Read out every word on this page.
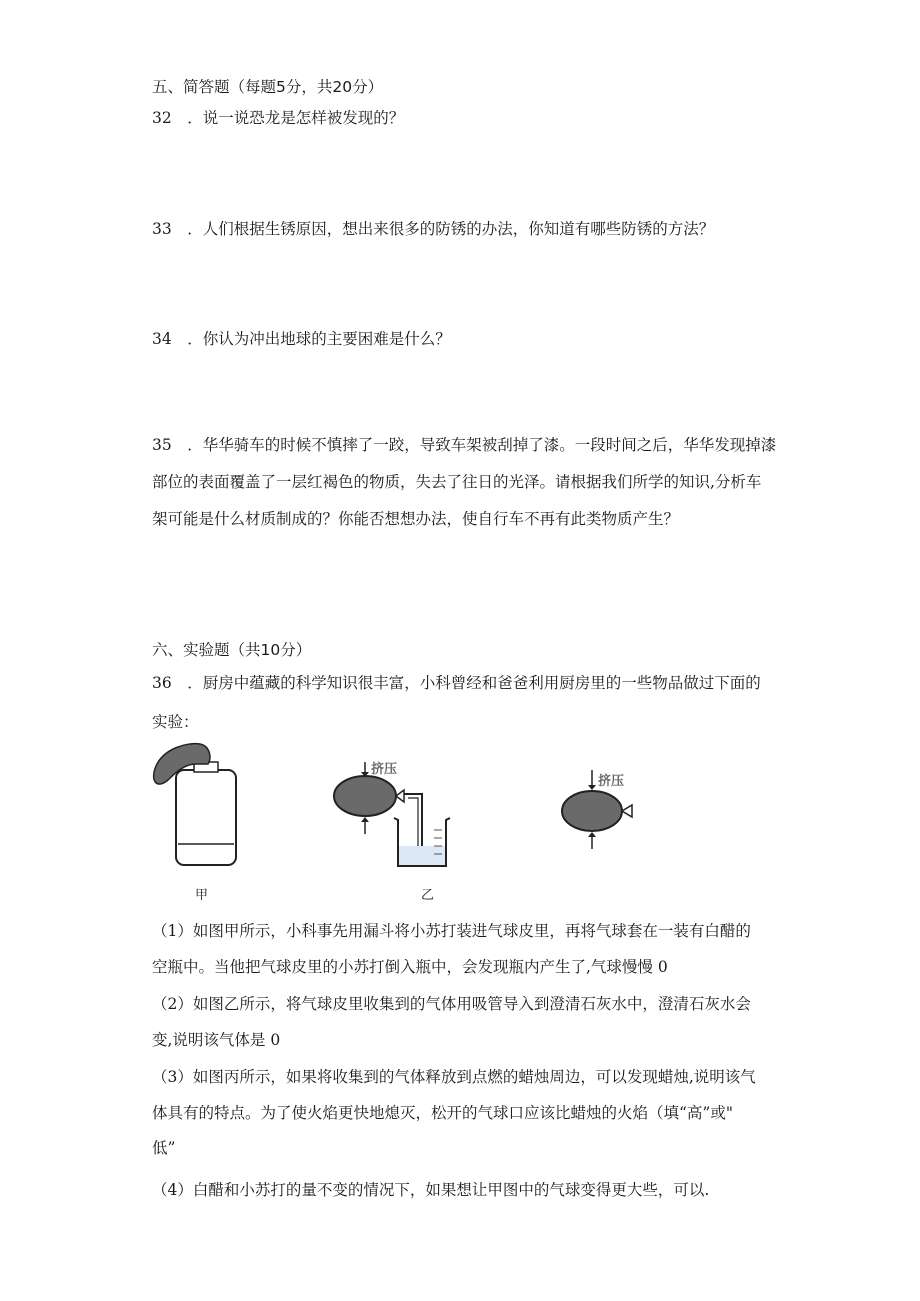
五、简答题（每题5分，共20分）
32　．说一说恐龙是怎样被发现的？
33　．人们根据生锈原因，想出来很多的防锈的办法，你知道有哪些防锈的方法？
34　．你认为冲出地球的主要困难是什么？
35　．华华骑车的时候不慎摔了一跤，导致车架被刮掉了漆。一段时间之后，华华发现掉漆
部位的表面覆盖了一层红褐色的物质，失去了往日的光泽。请根据我们所学的知识,分析车
架可能是什么材质制成的？你能否想想办法，使自行车不再有此类物质产生？
六、实验题（共10分）
36　．厨房中蕴藏的科学知识很丰富，小科曾经和爸爸利用厨房里的一些物品做过下面的
实验：
甲
挤压
乙
挤压
（1）如图甲所示，小科事先用漏斗将小苏打装进气球皮里，再将气球套在一装有白醋的
空瓶中。当他把气球皮里的小苏打倒入瓶中，会发现瓶内产生了,气球慢慢 0
（2）如图乙所示，将气球皮里收集到的气体用吸管导入到澄清石灰水中，澄清石灰水会
变,说明该气体是 0
（3）如图丙所示，如果将收集到的气体释放到点燃的蜡烛周边，可以发现蜡烛,说明该气
体具有的特点。为了使火焰更快地熄灭，松开的气球口应该比蜡烛的火焰（填“高”或"
低”
（4）白醋和小苏打的量不变的情况下，如果想让甲图中的气球变得更大些，可以.
